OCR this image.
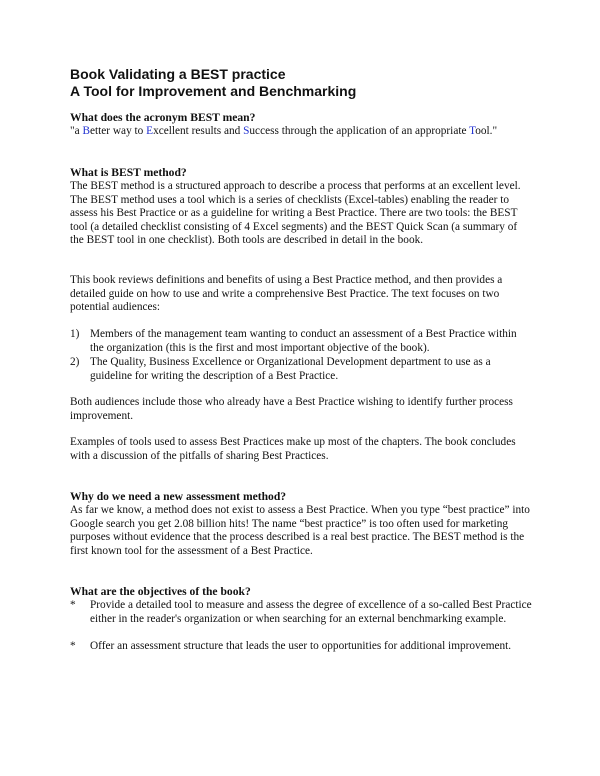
Book Validating a BEST practice
A Tool for Improvement and Benchmarking
What does the acronym BEST mean?

"a Better way to Excellent results and Success through the application of an appropriate Tool."

What is BEST method?

The BEST method is a structured approach to describe a process that performs at an excellent level. The BEST method uses a tool which is a series of checklists (Excel-tables) enabling the reader to assess his Best Practice or as a guideline for writing a Best Practice. There are two tools: the BEST tool (a detailed checklist consisting of 4 Excel segments) and the BEST Quick Scan (a summary of the BEST tool in one checklist). Both tools are described in detail in the book.

This book reviews definitions and benefits of using a Best Practice method, and then provides a detailed guide on how to use and write a comprehensive Best Practice. The text focuses on two potential audiences:

1) Members of the management team wanting to conduct an assessment of a Best Practice within the organization (this is the first and most important objective of the book).
2) The Quality, Business Excellence or Organizational Development department to use as a guideline for writing the description of a Best Practice.

Both audiences include those who already have a Best Practice wishing to identify further process improvement.

Examples of tools used to assess Best Practices make up most of the chapters. The book concludes with a discussion of the pitfalls of sharing Best Practices.

Why do we need a new assessment method?

As far we know, a method does not exist to assess a Best Practice. When you type “best practice” into Google search you get 2.08 billion hits! The name “best practice” is too often used for marketing purposes without evidence that the process described is a real best practice. The BEST method is the first known tool for the assessment of a Best Practice.

What are the objectives of the book?
* Provide a detailed tool to measure and assess the degree of excellence of a so-called Best Practice either in the reader's organization or when searching for an external benchmarking example.
* Offer an assessment structure that leads the user to opportunities for additional improvement.
